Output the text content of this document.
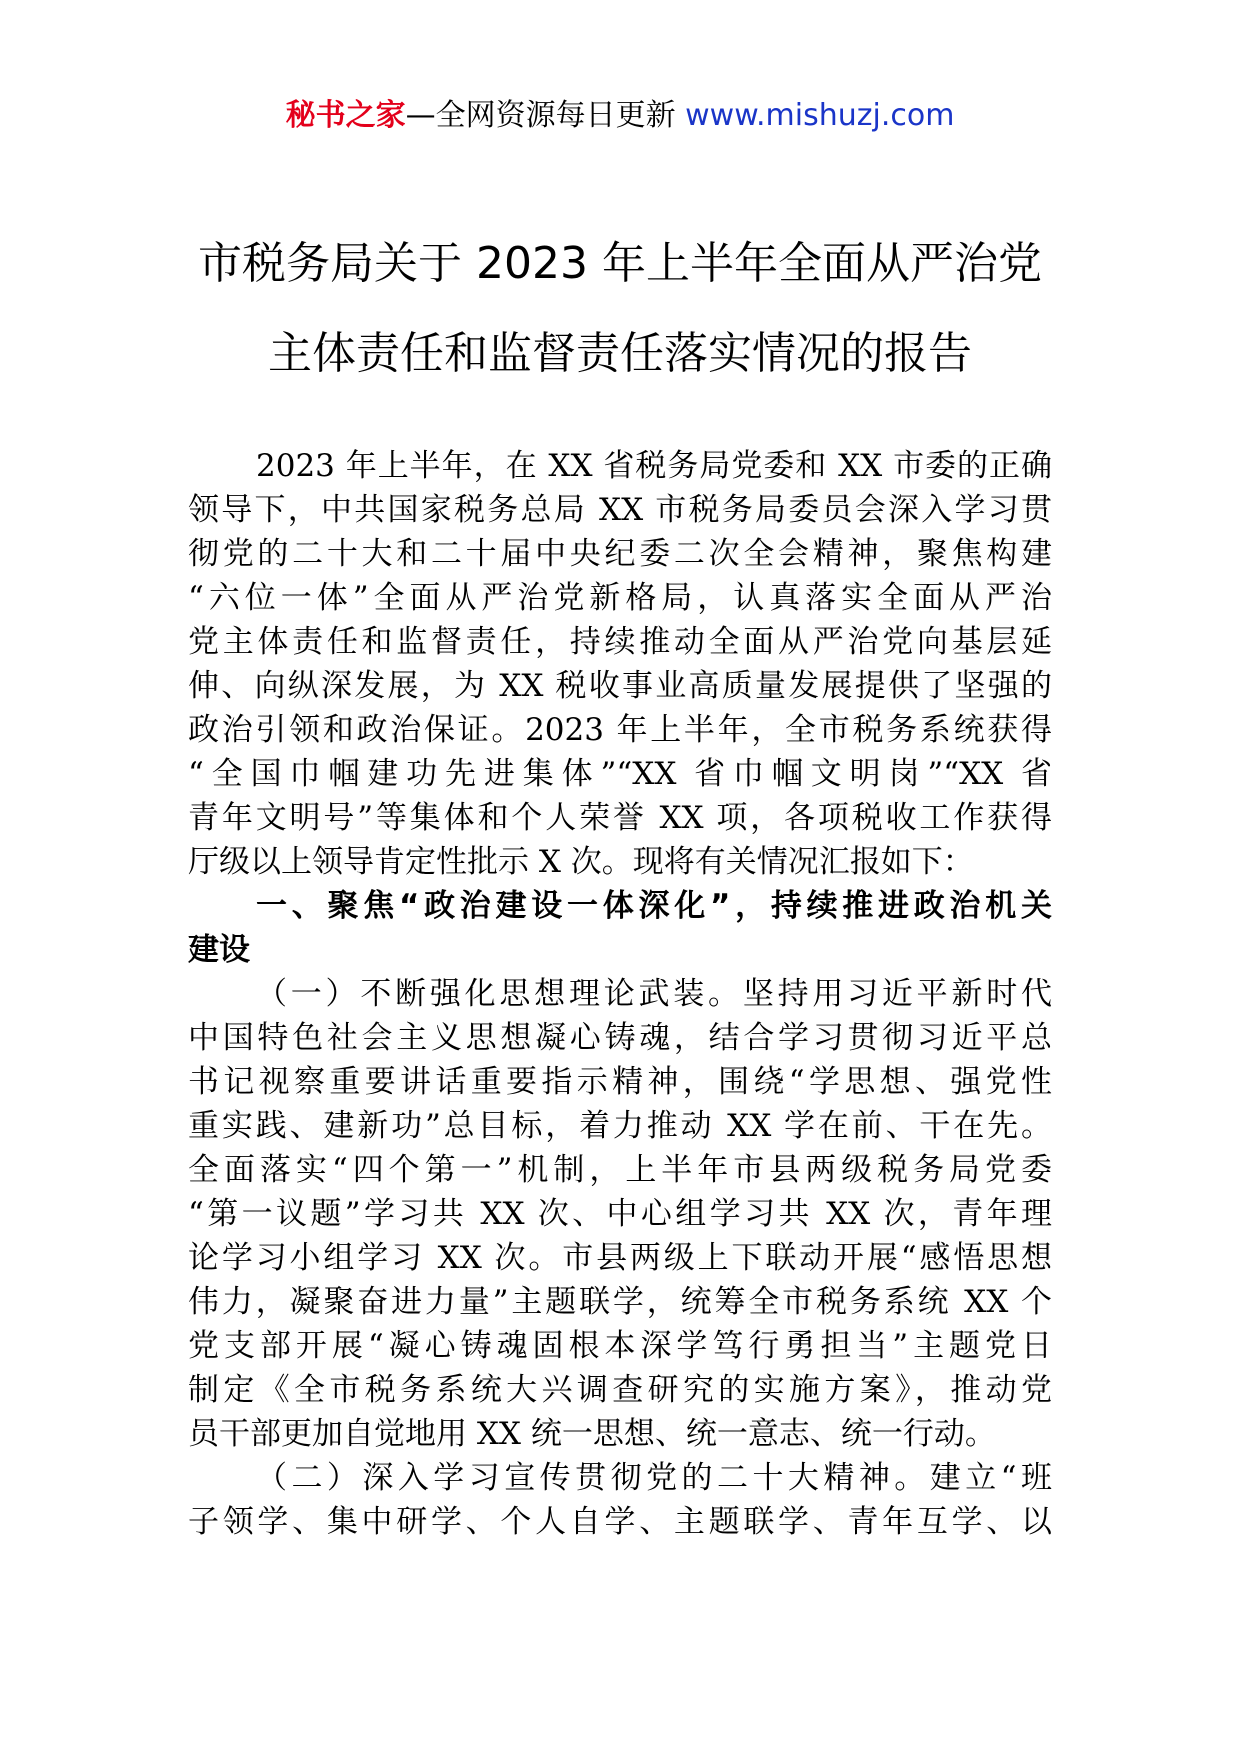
秘书之家—全网资源每日更新 www.mishuzj.com
市税务局关于 2023 年上半年全面从严治党
主体责任和监督责任落实情况的报告
2023 年上半年，在 XX 省税务局党委和 XX 市委的正确
领导下，中共国家税务总局 XX 市税务局委员会深入学习贯
彻党的二十大和二十届中央纪委二次全会精神，聚焦构建
“六位一体”全面从严治党新格局，认真落实全面从严治
党主体责任和监督责任，持续推动全面从严治党向基层延
伸、向纵深发展，为 XX 税收事业高质量发展提供了坚强的
政治引领和政治保证。2023 年上半年，全市税务系统获得
“全国巾帼建功先进集体”“XX 省巾帼文明岗”“XX 省
青年文明号”等集体和个人荣誉 XX 项，各项税收工作获得
厅级以上领导肯定性批示 X 次。现将有关情况汇报如下：
一、聚焦“政治建设一体深化”，持续推进政治机关
建设
（一）不断强化思想理论武装。坚持用习近平新时代
中国特色社会主义思想凝心铸魂，结合学习贯彻习近平总
书记视察重要讲话重要指示精神，围绕“学思想、强党性
重实践、建新功”总目标，着力推动 XX 学在前、干在先。
全面落实“四个第一”机制，上半年市县两级税务局党委
“第一议题”学习共 XX 次、中心组学习共 XX 次，青年理
论学习小组学习 XX 次。市县两级上下联动开展“感悟思想
伟力，凝聚奋进力量”主题联学，统筹全市税务系统 XX 个
党支部开展“凝心铸魂固根本深学笃行勇担当”主题党日
制定《全市税务系统大兴调查研究的实施方案》，推动党
员干部更加自觉地用 XX 统一思想、统一意志、统一行动。
（二）深入学习宣传贯彻党的二十大精神。建立“班
子领学、集中研学、个人自学、主题联学、青年互学、以
